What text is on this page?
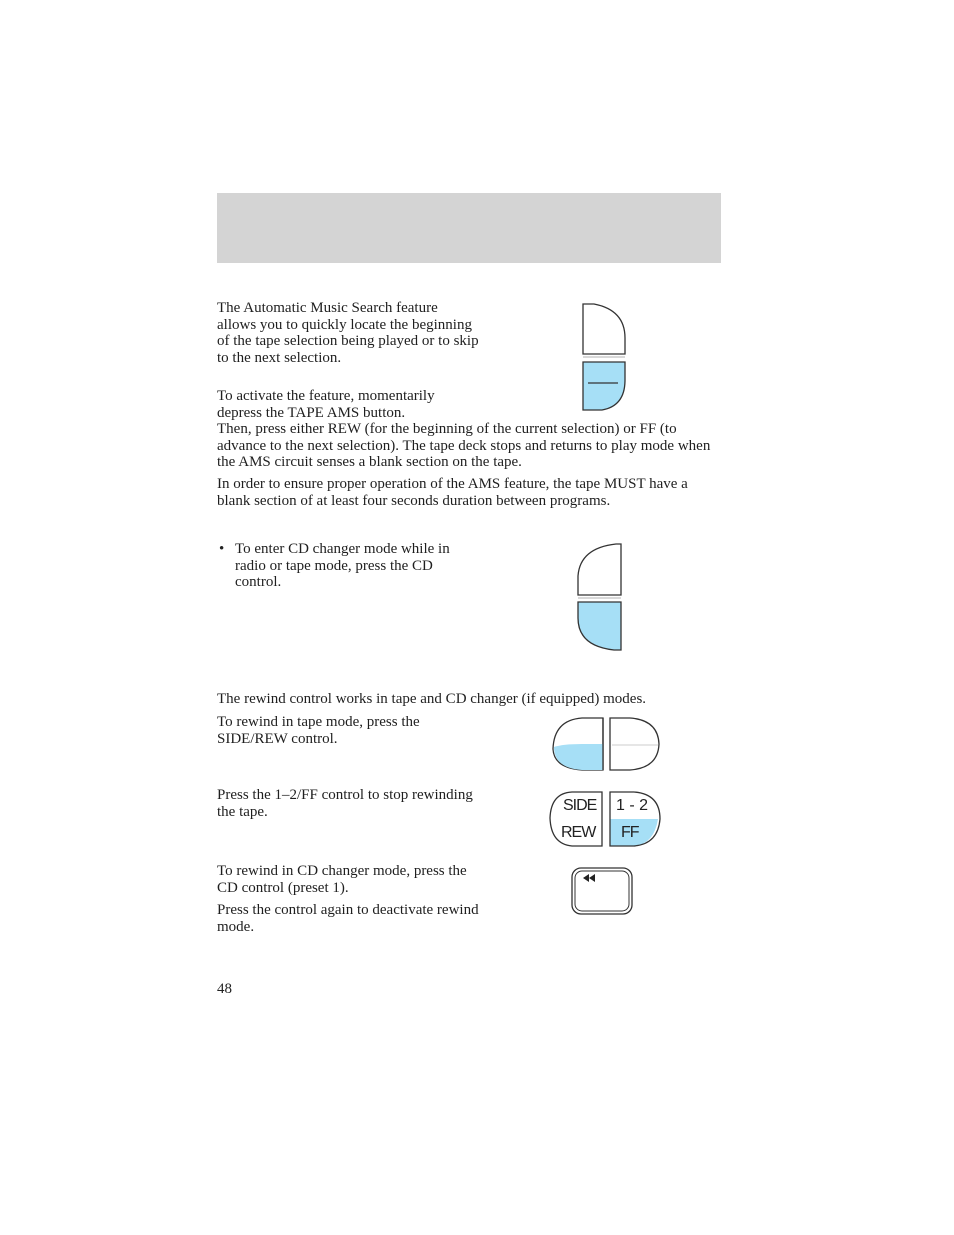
The Automatic Music Search feature allows you to quickly locate the beginning of the tape selection being played or to skip to the next selection.

To activate the feature, momentarily depress the TAPE AMS button.

Then, press either REW (for the beginning of the current selection) or FF (to advance to the next selection). The tape deck stops and returns to play mode when the AMS circuit senses a blank section on the tape.

In order to ensure proper operation of the AMS feature, the tape MUST have a blank section of at least four seconds duration between programs.

• To enter CD changer mode while in radio or tape mode, press the CD control.

The rewind control works in tape and CD changer (if equipped) modes.

To rewind in tape mode, press the SIDE/REW control.

Press the 1–2/FF control to stop rewinding the tape.	SIDE
REW
1 - 2
FF

To rewind in CD changer mode, press the CD control (preset 1).

Press the control again to deactivate rewind mode.

48
